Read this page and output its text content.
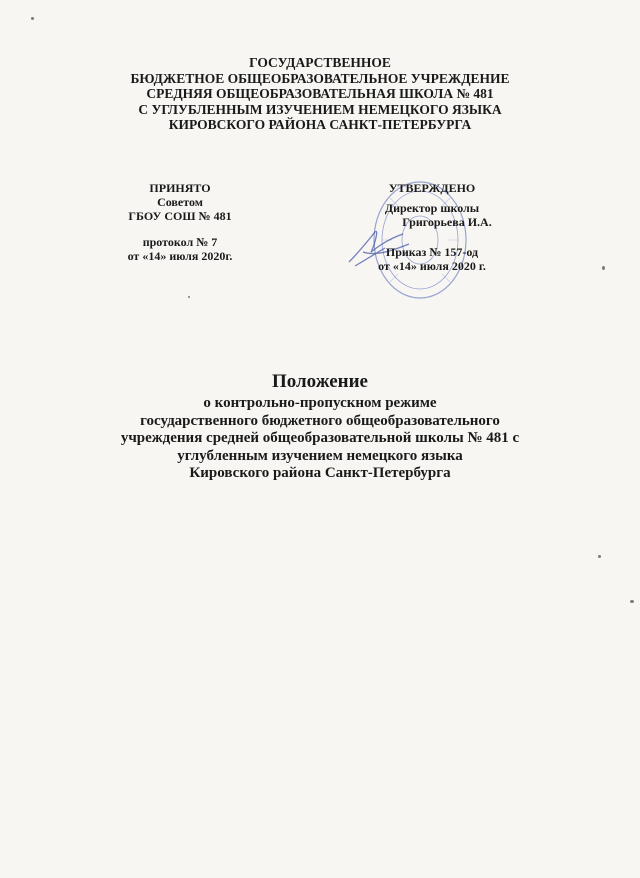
ГОСУДАРСТВЕННОЕ
БЮДЖЕТНОЕ ОБЩЕОБРАЗОВАТЕЛЬНОЕ УЧРЕЖДЕНИЕ
СРЕДНЯЯ ОБЩЕОБРАЗОВАТЕЛЬНАЯ ШКОЛА № 481
С УГЛУБЛЕННЫМ ИЗУЧЕНИЕМ НЕМЕЦКОГО ЯЗЫКА
КИРОВСКОГО РАЙОНА САНКТ-ПЕТЕРБУРГА
ПРИНЯТО
Советом
ГБОУ СОШ № 481
протокол № 7
от «14» июля 2020г.
УТВЕРЖДЕНО
Директор школы
Григорьева И.А.
Приказ № 157-од
от «14» июля 2020 г.
Положение
о контрольно-пропускном режиме
государственного бюджетного общеобразовательного
учреждения средней общеобразовательной школы № 481 с
углубленным изучением немецкого языка
Кировского района Санкт-Петербурга
